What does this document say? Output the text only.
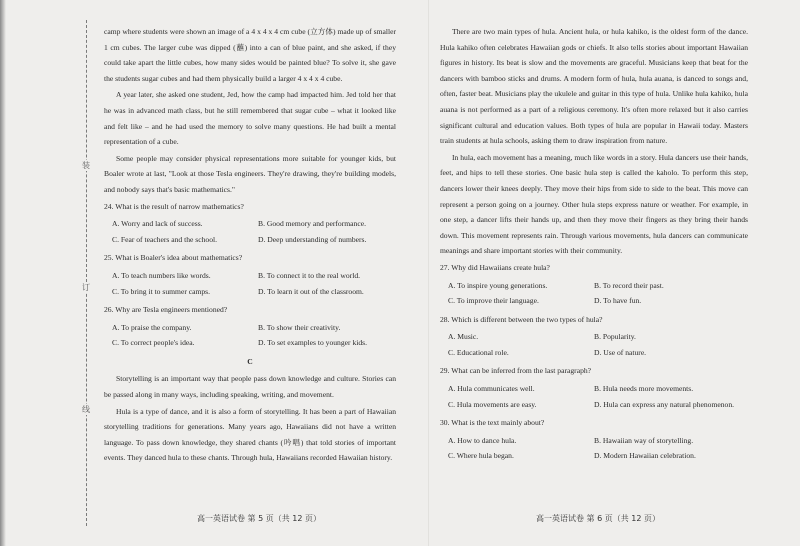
装
订
线

camp where students were shown an image of a 4 x 4 x 4 cm cube (立方体) made up of smaller 1 cm cubes. The larger cube was dipped (蘸) into a can of blue paint, and she asked, if they could take apart the little cubes, how many sides would be painted blue? To solve it, she gave the students sugar cubes and had them physically build a larger 4 x 4 x 4 cube.

A year later, she asked one student, Jed, how the camp had impacted him. Jed told her that he was in advanced math class, but he still remembered that sugar cube – what it looked like and felt like – and he had used the memory to solve many questions. He had built a mental representation of a cube.

Some people may consider physical representations more suitable for younger kids, but Boaler wrote at last, "Look at those Tesla engineers. They're drawing, they're building models, and nobody says that's basic mathematics."

24. What is the result of narrow mathematics?

A. Worry and lack of success.	B. Good memory and performance.
C. Fear of teachers and the school.	D. Deep understanding of numbers.

25. What is Boaler's idea about mathematics?

A. To teach numbers like words.	B. To connect it to the real world.
C. To bring it to summer camps.	D. To learn it out of the classroom.

26. Why are Tesla engineers mentioned?

A. To praise the company.	B. To show their creativity.
C. To correct people's idea.	D. To set examples to younger kids.
C

Storytelling is an important way that people pass down knowledge and culture. Stories can be passed along in many ways, including speaking, writing, and movement.

Hula is a type of dance, and it is also a form of storytelling. It has been a part of Hawaiian storytelling traditions for generations. Many years ago, Hawaiians did not have a written language. To pass down knowledge, they shared chants (吟唱) that told stories of important events. They danced hula to these chants. Through hula, Hawaiians recorded Hawaiian history.

There are two main types of hula. Ancient hula, or hula kahiko, is the oldest form of the dance. Hula kahiko often celebrates Hawaiian gods or chiefs. It also tells stories about important Hawaiian figures in history. Its beat is slow and the movements are graceful. Musicians keep that beat for the dancers with bamboo sticks and drums. A modern form of hula, hula auana, is danced to songs and, often, faster beat. Musicians play the ukulele and guitar in this type of hula. Unlike hula kahiko, hula auana is not performed as a part of a religious ceremony. It's often more relaxed but it also carries significant cultural and education values. Both types of hula are popular in Hawaii today. Masters train students at hula schools, asking them to draw inspiration from nature.

In hula, each movement has a meaning, much like words in a story. Hula dancers use their hands, feet, and hips to tell these stories. One basic hula step is called the kaholo. To perform this step, dancers lower their knees deeply. They move their hips from side to side to the beat. This move can represent a person going on a journey. Other hula steps express nature or weather. For example, in one step, a dancer lifts their hands up, and then they move their fingers as they bring their hands down. This movement represents rain. Through various movements, hula dancers can communicate meanings and share important stories with their community.

27. Why did Hawaiians create hula?

A. To inspire young generations.	B. To record their past.
C. To improve their language.	D. To have fun.

28. Which is different between the two types of hula?

A. Music.	B. Popularity.
C. Educational role.	D. Use of nature.

29. What can be inferred from the last paragraph?

A. Hula communicates well.	B. Hula needs more movements.
C. Hula movements are easy.	D. Hula can express any natural phenomenon.

30. What is the text mainly about?

A. How to dance hula.	B. Hawaiian way of storytelling.
C. Where hula began.	D. Modern Hawaiian celebration.
高一英语试卷 第 5 页（共 12 页）	高一英语试卷 第 6 页（共 12 页）
